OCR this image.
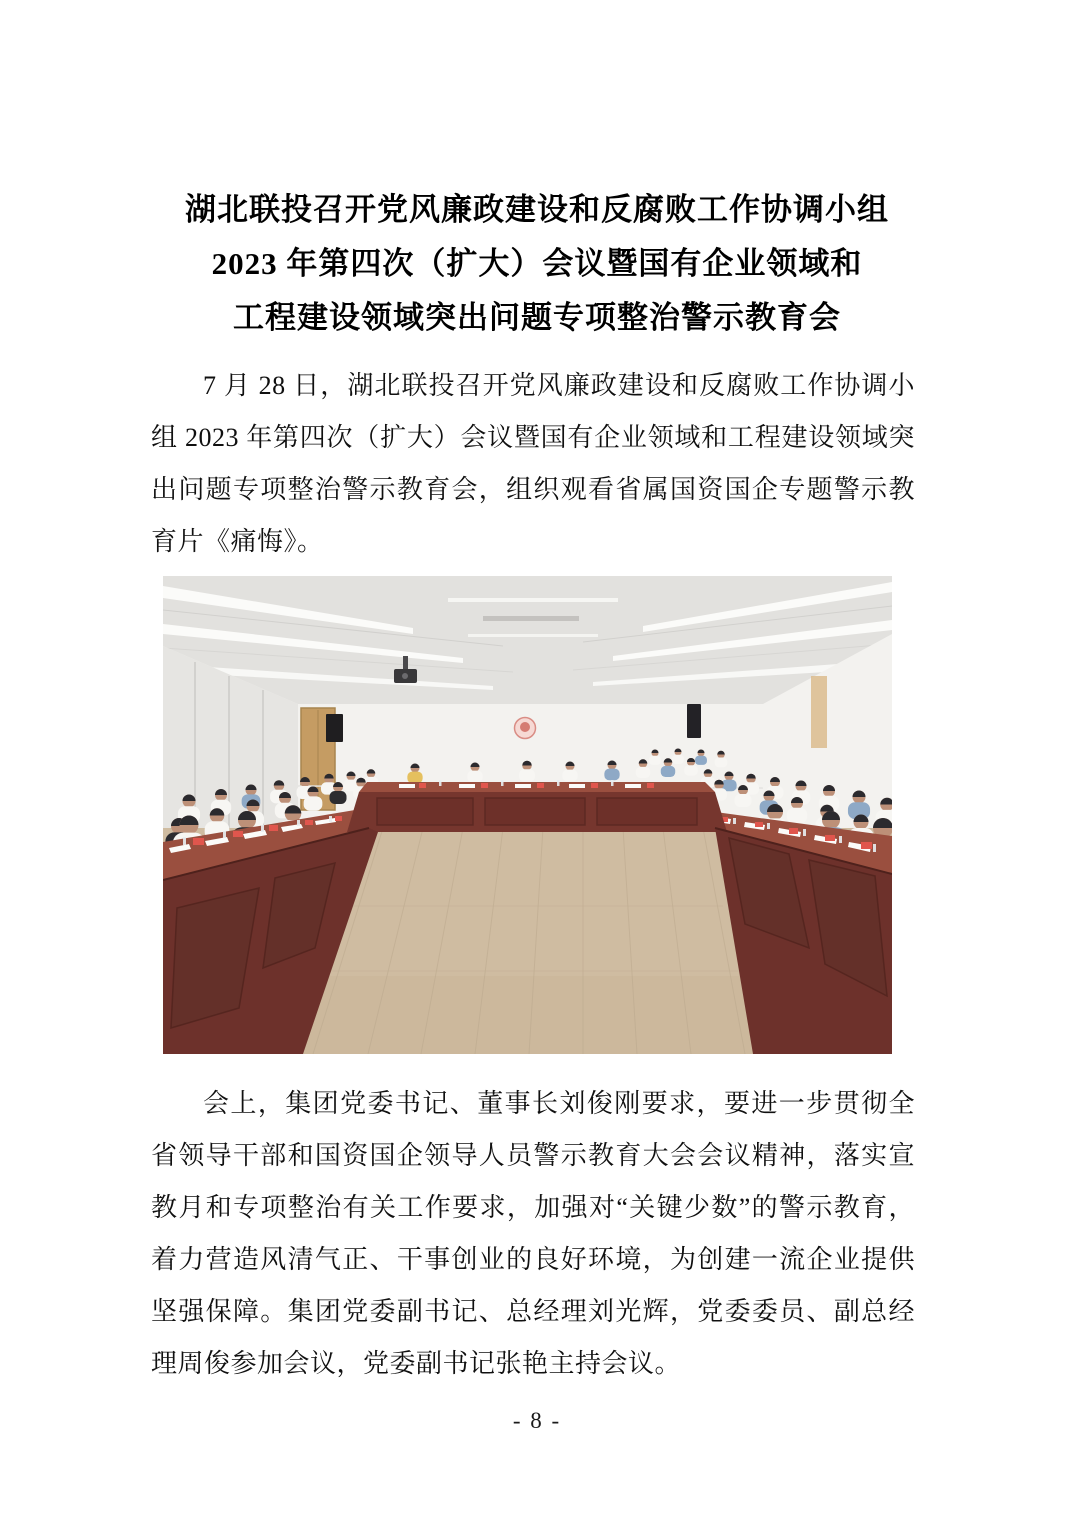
湖北联投召开党风廉政建设和反腐败工作协调小组
2023 年第四次（扩大）会议暨国有企业领域和
工程建设领域突出问题专项整治警示教育会
7 月 28 日，湖北联投召开党风廉政建设和反腐败工作协调小组 2023 年第四次（扩大）会议暨国有企业领域和工程建设领域突出问题专项整治警示教育会，组织观看省属国资国企专题警示教育片《痛悔》。
会上，集团党委书记、董事长刘俊刚要求，要进一步贯彻全省领导干部和国资国企领导人员警示教育大会会议精神，落实宣教月和专项整治有关工作要求，加强对“关键少数”的警示教育，着力营造风清气正、干事创业的良好环境，为创建一流企业提供坚强保障。集团党委副书记、总经理刘光辉，党委委员、副总经理周俊参加会议，党委副书记张艳主持会议。
- 8 -
